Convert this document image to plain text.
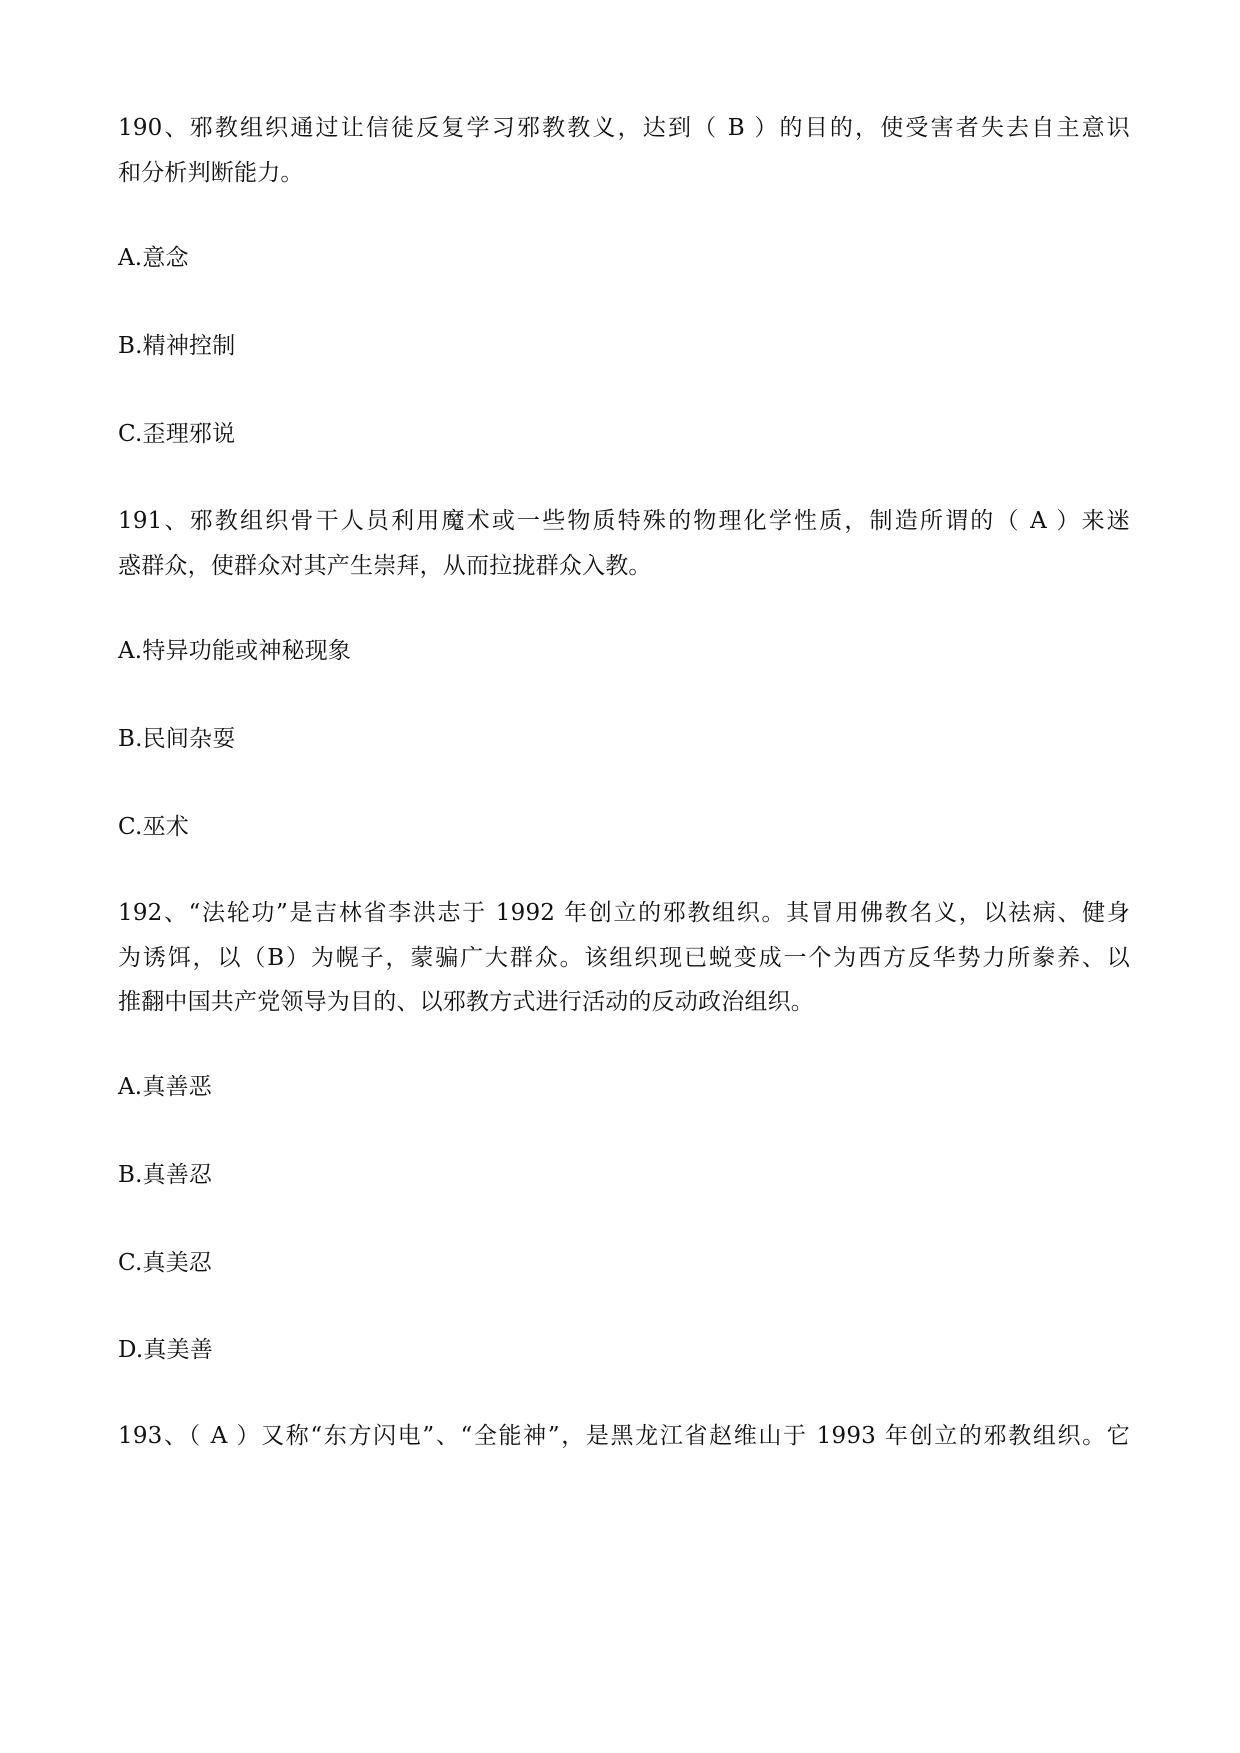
190、邪教组织通过让信徒反复学习邪教教义，达到（ B ）的目的，使受害者失去自主意识
和分析判断能力。
A.意念
B.精神控制
C.歪理邪说
191、邪教组织骨干人员利用魔术或一些物质特殊的物理化学性质，制造所谓的（ A ）来迷
惑群众，使群众对其产生崇拜，从而拉拢群众入教。
A.特异功能或神秘现象
B.民间杂耍
C.巫术
192、“法轮功”是吉林省李洪志于 1992 年创立的邪教组织。其冒用佛教名义，以祛病、健身
为诱饵，以（B）为幌子，蒙骗广大群众。该组织现已蜕变成一个为西方反华势力所豢养、以
推翻中国共产党领导为目的、以邪教方式进行活动的反动政治组织。
A.真善恶
B.真善忍
C.真美忍
D.真美善
193、（ A ）又称“东方闪电”、“全能神”，是黑龙江省赵维山于 1993 年创立的邪教组织。它
